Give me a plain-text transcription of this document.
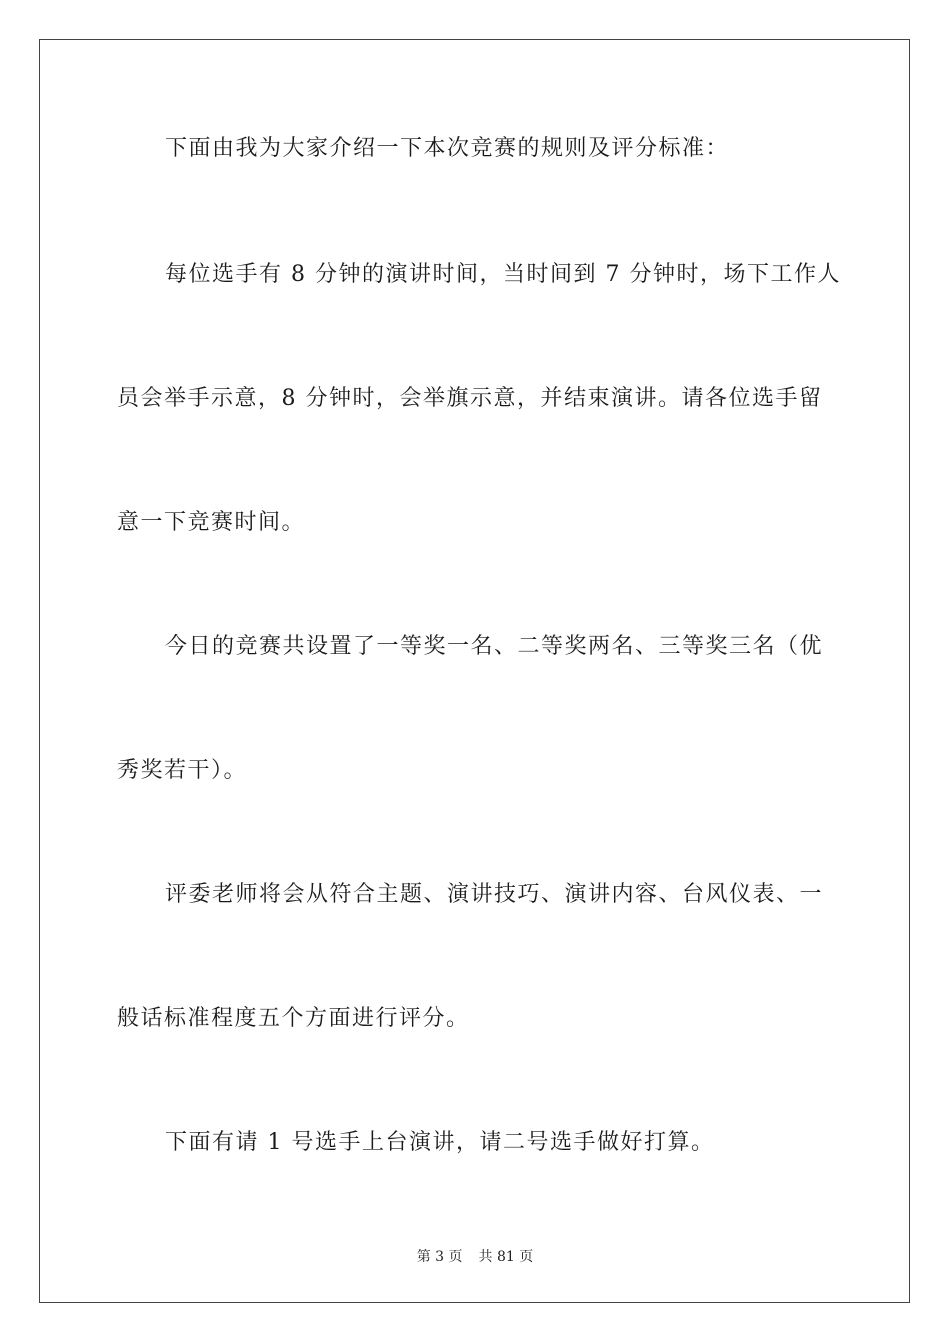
下面由我为大家介绍一下本次竞赛的规则及评分标准：
每位选手有 8 分钟的演讲时间，当时间到 7 分钟时，场下工作人
员会举手示意，8 分钟时，会举旗示意，并结束演讲。请各位选手留
意一下竞赛时间。
今日的竞赛共设置了一等奖一名、二等奖两名、三等奖三名（优
秀奖若干）。
评委老师将会从符合主题、演讲技巧、演讲内容、台风仪表、一
般话标准程度五个方面进行评分。
下面有请 1 号选手上台演讲，请二号选手做好打算。
第 3 页 共 81 页
